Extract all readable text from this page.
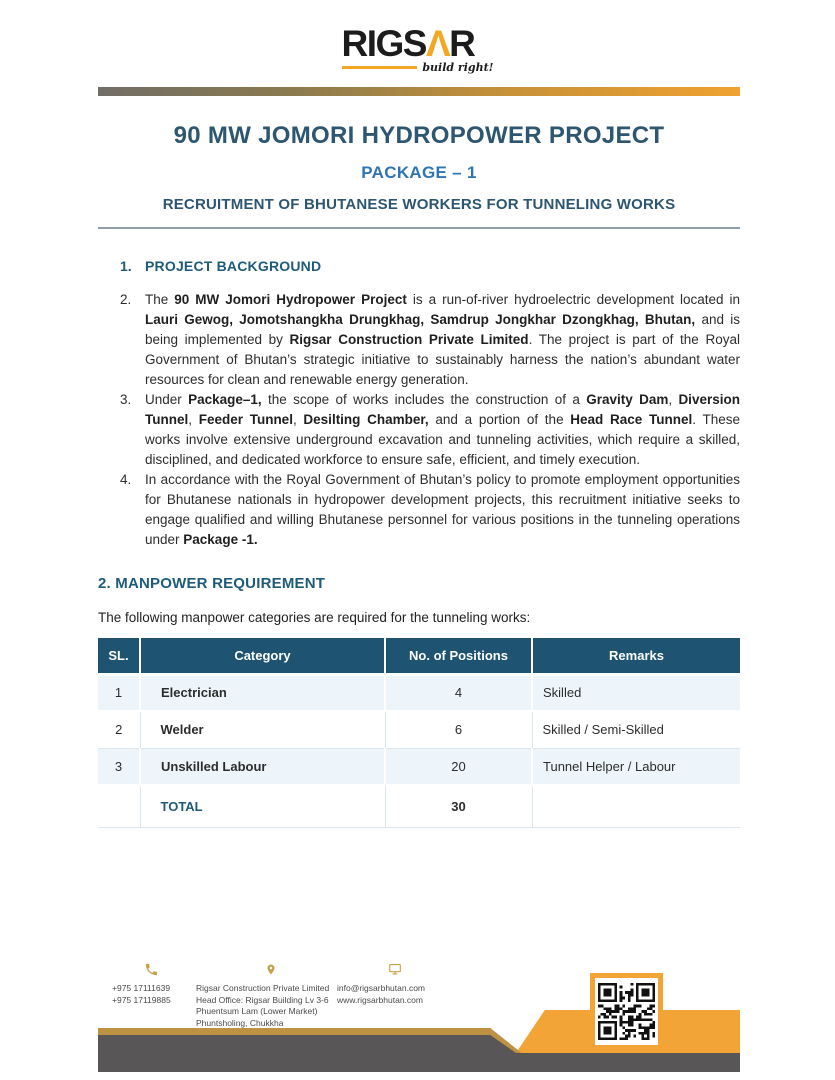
RIGSΛR
build right!
90 MW JOMORI HYDROPOWER PROJECT
PACKAGE – 1
RECRUITMENT OF BHUTANESE WORKERS FOR TUNNELING WORKS
1. PROJECT BACKGROUND
2. The 90 MW Jomori Hydropower Project is a run-of-river hydroelectric development located in Lauri Gewog, Jomotshangkha Drungkhag, Samdrup Jongkhar Dzongkhag, Bhutan, and is being implemented by Rigsar Construction Private Limited. The project is part of the Royal Government of Bhutan’s strategic initiative to sustainably harness the nation’s abundant water resources for clean and renewable energy generation.

3. Under Package–1, the scope of works includes the construction of a Gravity Dam, Diversion Tunnel, Feeder Tunnel, Desilting Chamber, and a portion of the Head Race Tunnel. These works involve extensive underground excavation and tunneling activities, which require a skilled, disciplined, and dedicated workforce to ensure safe, efficient, and timely execution.

4. In accordance with the Royal Government of Bhutan’s policy to promote employment opportunities for Bhutanese nationals in hydropower development projects, this recruitment initiative seeks to engage qualified and willing Bhutanese personnel for various positions in the tunneling operations under Package -1.

2. MANPOWER REQUIREMENT

The following manpower categories are required for the tunneling works:

SL.	Category	No. of Positions	Remarks
1	Electrician	4	Skilled
2	Welder	6	Skilled / Semi-Skilled
3	Unskilled Labour	20	Tunnel Helper / Labour
	TOTAL	30	
+975 17111639
+975 17119885
Rigsar Construction Private Limited
Head Office: Rigsar Building Lv 3-6
Phuentsum Lam (Lower Market)
Phuntsholing, Chukkha
info@rigsarbhutan.com
www.rigsarbhutan.com
